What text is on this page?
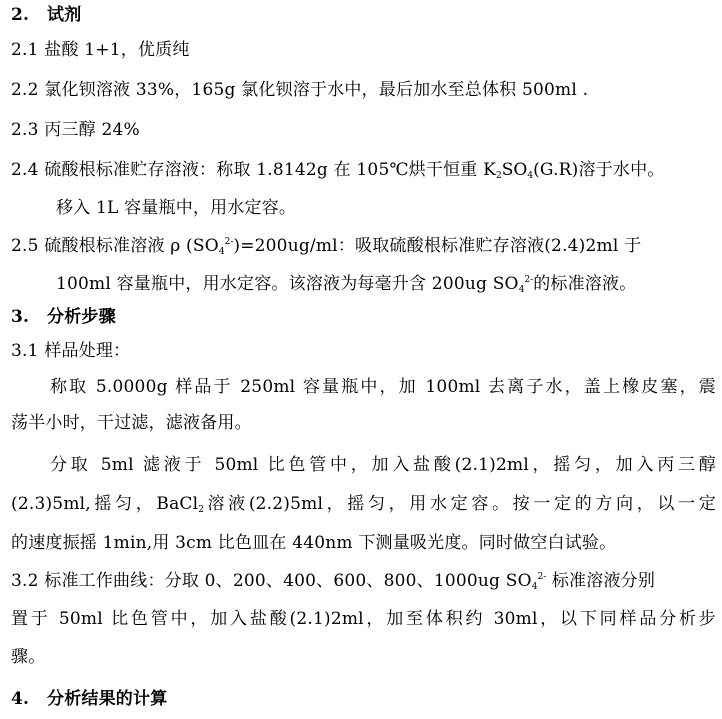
2. 试剂
2.1 盐酸 1+1，优质纯
2.2 氯化钡溶液 33%，165g 氯化钡溶于水中，最后加水至总体积 500ml .
2.3 丙三醇 24%
2.4 硫酸根标准贮存溶液：称取 1.8142g 在 105℃烘干恒重 $K_2SO_4(G.R)$溶于水中。
移入 1L 容量瓶中，用水定容。
2.5 硫酸根标准溶液 ρ $(SO_4^{2-})=200ug/ml$：吸取硫酸根标准贮存溶液(2.4)2ml 于
100ml 容量瓶中，用水定容。该溶液为每毫升含 200ug $SO_4^{2-}$的标准溶液。
3. 分析步骤
3.1 样品处理：
称取 5.0000g 样品于 250ml 容量瓶中，加 100ml 去离子水，盖上橡皮塞，震
荡半小时，干过滤，滤液备用。
分取 5ml 滤液于 50ml 比色管中，加入盐酸(2.1)2ml，摇匀，加入丙三醇
(2.3)5ml,摇匀，BaCl$_2$溶液(2.2)5ml，摇匀，用水定容。按一定的方向，以一定
的速度振摇 1min,用 3cm 比色皿在 440nm 下测量吸光度。同时做空白试验。
3.2 标准工作曲线：分取 0、200、400、600、800、1000ug $SO_4^{2-}$ 标准溶液分别
置于 50ml 比色管中，加入盐酸(2.1)2ml，加至体积约 30ml，以下同样品分析步
骤。
4. 分析结果的计算
